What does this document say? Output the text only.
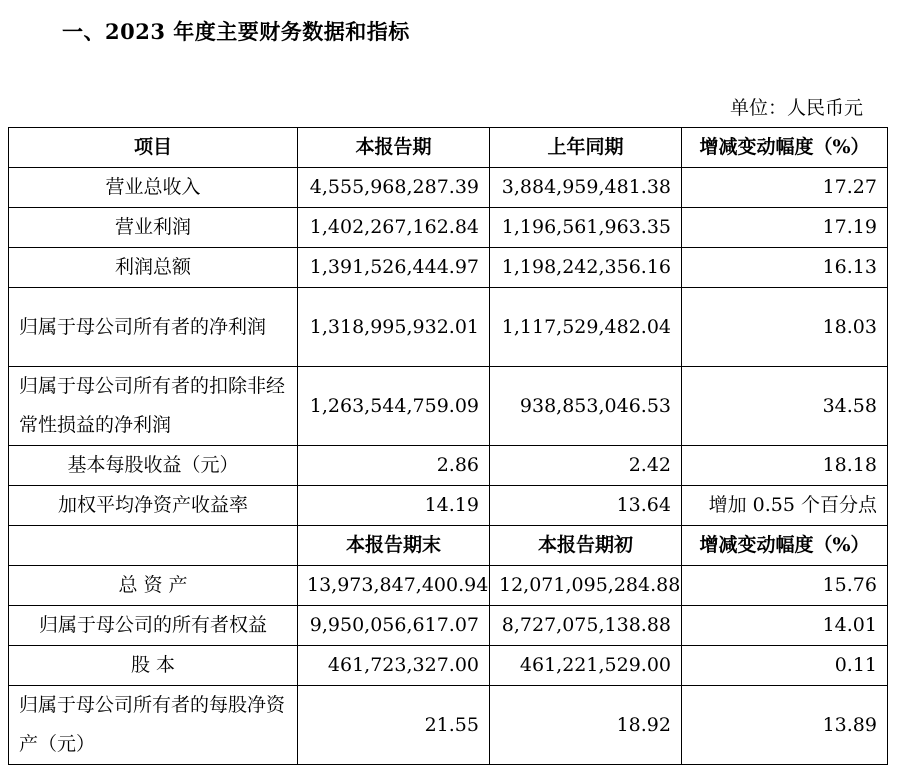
一、2023 年度主要财务数据和指标
单位：人民币元
项目	本报告期	上年同期	增减变动幅度（%）
营业总收入	4,555,968,287.39	3,884,959,481.38	17.27
营业利润	1,402,267,162.84	1,196,561,963.35	17.19
利润总额	1,391,526,444.97	1,198,242,356.16	16.13
归属于母公司所有者的净利润	1,318,995,932.01	1,117,529,482.04	18.03
归属于母公司所有者的扣除非经常性损益的净利润	1,263,544,759.09	938,853,046.53	34.58
基本每股收益（元）	2.86	2.42	18.18
加权平均净资产收益率	14.19	13.64	增加 0.55 个百分点
	本报告期末	本报告期初	增减变动幅度（%）
总 资 产	13,973,847,400.94	12,071,095,284.88	15.76
归属于母公司的所有者权益	9,950,056,617.07	8,727,075,138.88	14.01
股 本	461,723,327.00	461,221,529.00	0.11
归属于母公司所有者的每股净资产（元）	21.55	18.92	13.89
